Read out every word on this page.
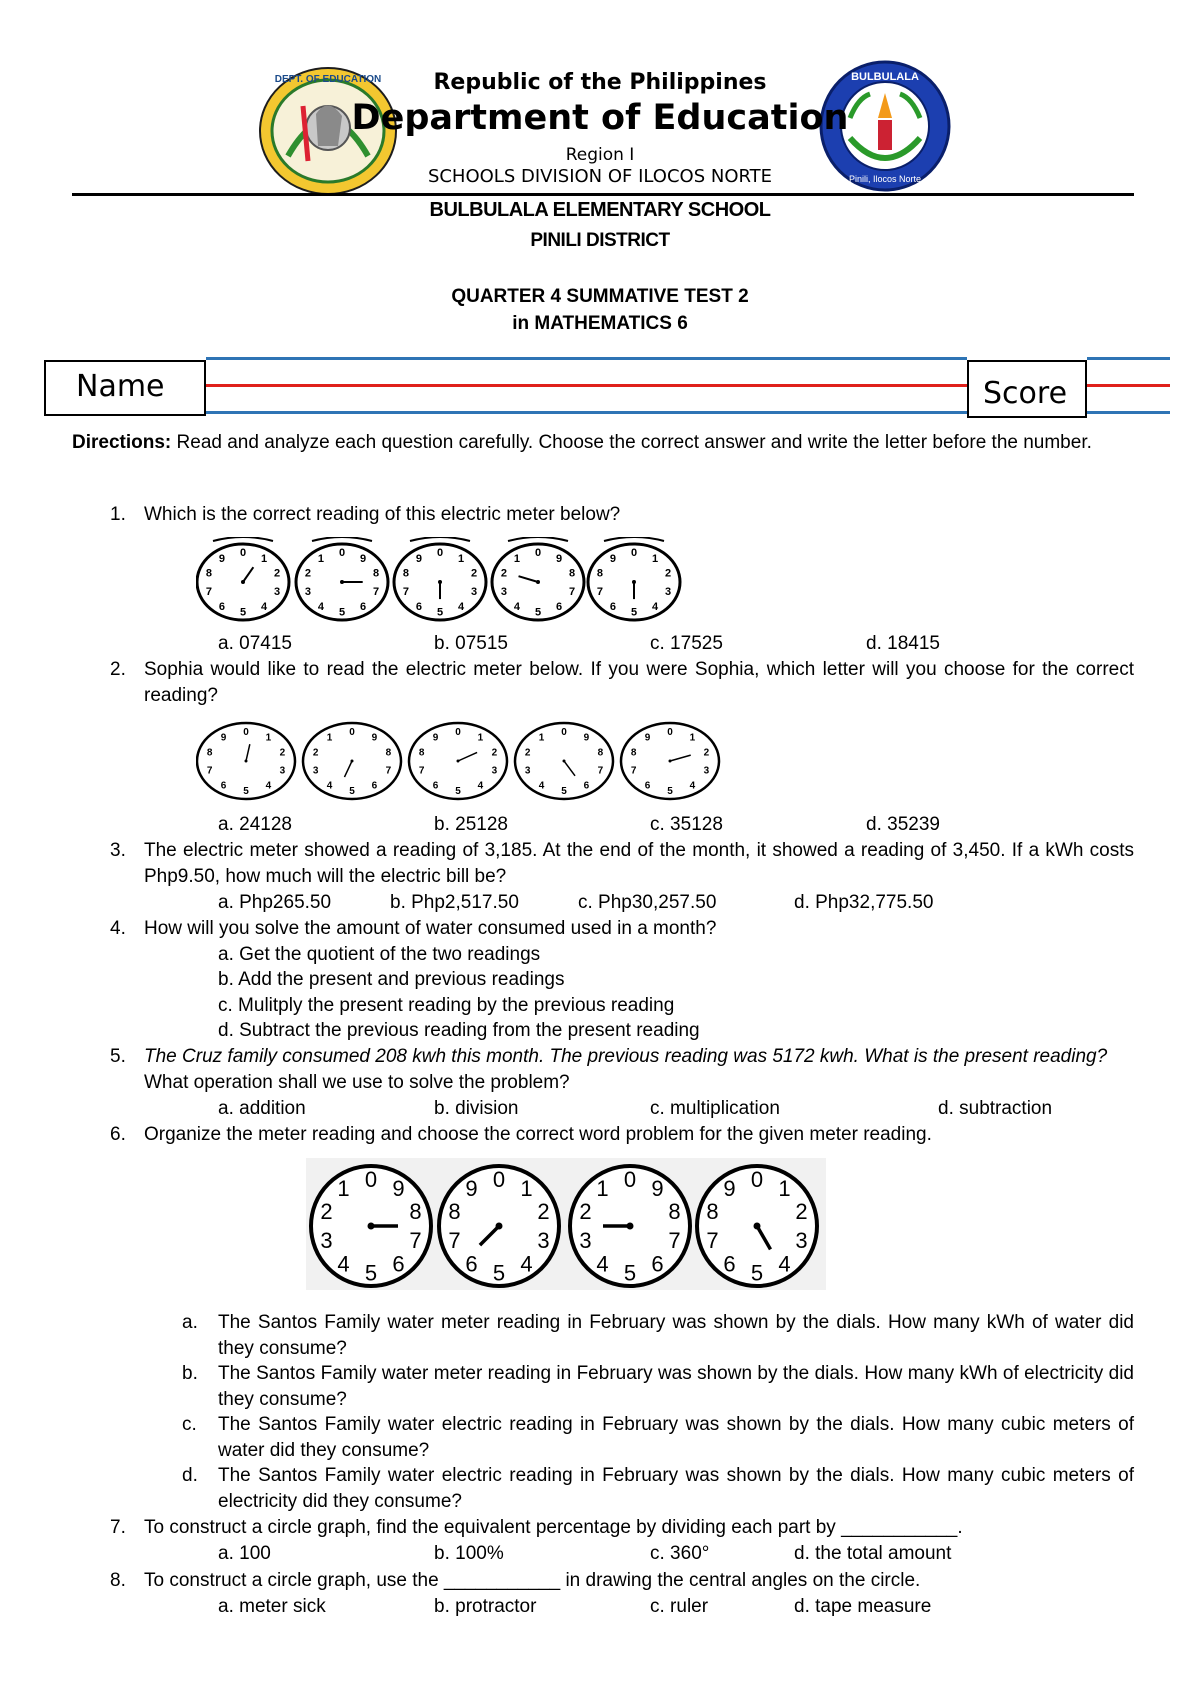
DEPT. OF EDUCATION	BULBULALA
Pinili, Ilocos Norte
Republic of the Philippines
Department of Education
Region I
SCHOOLS DIVISION OF ILOCOS NORTE
BULBULALA ELEMENTARY SCHOOL
PINILI DISTRICT
QUARTER 4 SUMMATIVE TEST 2
in MATHEMATICS 6
Name	Score
Directions: Read and analyze each question carefully. Choose the correct answer and write the letter before the number.
1. Which is the correct reading of this electric meter below?
0 1
2
3
4
5
6
7
8
9	0 9
8
7
6
5
4
3
2
1	0 1
2
3
4
5
6
7
8
9	0 9
8
7
6
5
4
3
2
1	0 1
2
3
4
5
6
7
8
9
a. 07415	b. 07515	c. 17525	d. 18415
2. Sophia would like to read the electric meter below. If you were Sophia, which letter will you choose for the correct reading?
0
1
2
3
4
5
6
7
8
9
0
9
8
7
6
5
4
3
2
1
0
1
2
3
4
5
6
7
8
9
0
9
8
7
6
5
4
3
2
1
0
1
2
3
4
5
6
7
8
9
a. 24128	b. 25128	c. 35128	d. 35239
3. The electric meter showed a reading of 3,185. At the end of the month, it showed a reading of 3,450. If a kWh costs Php9.50, how much will the electric bill be?
a. Php265.50	b. Php2,517.50	c. Php30,257.50	d. Php32,775.50
4. How will you solve the amount of water consumed used in a month?
a. Get the quotient of the two readings
b. Add the present and previous readings
c. Mulitply the present reading by the previous reading
d. Subtract the previous reading from the present reading
5. The Cruz family consumed 208 kwh this month. The previous reading was 5172 kwh. What is the present reading? What operation shall we use to solve the problem?
a. addition	b. division	c. multiplication	d. subtraction
6. Organize the meter reading and choose the correct word problem for the given meter reading.
0 9
8
7
6
5
4
3
2
1	0 1
2
3
4
5
6
7
8
9	0 9
8
7
6
5
4
3
2
1	0 1
2
3
4
5
6
7
8
9
a. The Santos Family water meter reading in February was shown by the dials. How many kWh of water did they consume?
b. The Santos Family water meter reading in February was shown by the dials. How many kWh of electricity did they consume?
c. The Santos Family water electric reading in February was shown by the dials. How many cubic meters of water did they consume?
d. The Santos Family water electric reading in February was shown by the dials. How many cubic meters of electricity did they consume?
7. To construct a circle graph, find the equivalent percentage by dividing each part by ___________.
a. 100	b. 100%	c. 360°	d. the total amount
8. To construct a circle graph, use the ___________ in drawing the central angles on the circle.
a. meter sick	b. protractor	c. ruler	d. tape measure
